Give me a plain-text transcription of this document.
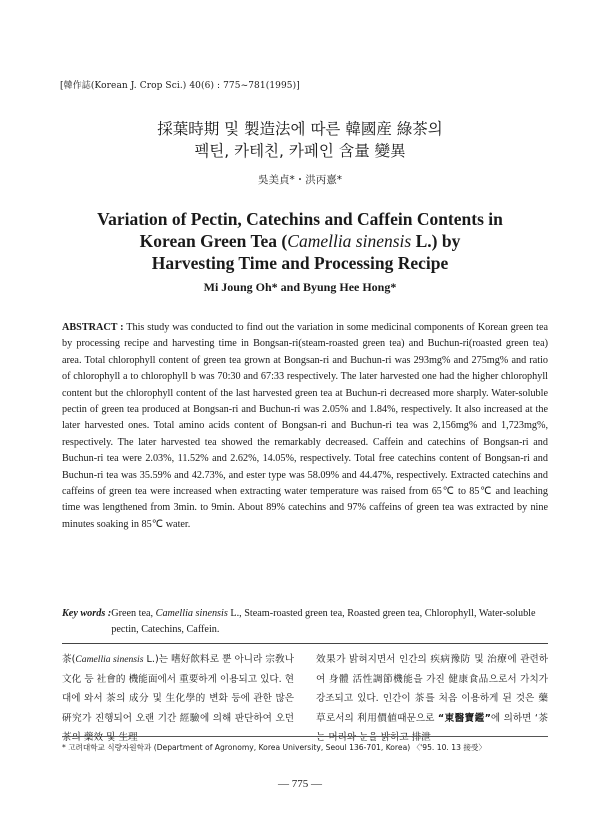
[韓作誌(Korean J. Crop Sci.) 40(6) : 775~781(1995)]
採葉時期 및 製造法에 따른 韓國産 綠茶의
펙틴, 카테친, 카페인 含量 變異
吳美貞*・洪丙憙*
Variation of Pectin, Catechins and Caffein Contents in
Korean Green Tea (Camellia sinensis L.) by
Harvesting Time and Processing Recipe
Mi Joung Oh* and Byung Hee Hong*

ABSTRACT : This study was conducted to find out the variation in some medicinal components of Korean green tea by processing recipe and harvesting time in Bongsan-ri(steam-roasted green tea) and Buchun-ri(roasted green tea) area. Total chlorophyll content of green tea grown at Bongsan-ri and Buchun-ri was 293mg% and 275mg% and ratio of chlorophyll a to chlorophyll b was 70:30 and 67:33 respectively. The later harvested one had the higher chlorophyll content but the chlorophyll content of the last harvested green tea at Buchun-ri decreased more sharply. Water-soluble pectin of green tea produced at Bongsan-ri and Buchun-ri was 2.05% and 1.84%, respectively. It also increased at the later harvested ones. Total amino acids content of Bongsan-ri and Buchun-ri tea was 2,156mg% and 1,723mg%, respectively. The later harvested tea showed the remarkably decreased. Caffein and catechins of Bongsan-ri and Buchun-ri tea were 2.03%, 11.52% and 2.62%, 14.05%, respectively. Total free catechins content of Bongsan-ri and Buchun-ri tea was 35.59% and 42.73%, and ester type was 58.09% and 44.47%, respectively. Extracted catechins and caffeins of green tea were increased when extracting water temperature was raised from 65℃ to 85℃ and leaching time was lengthened from 3min. to 9min. About 89% catechins and 97% caffeins of green tea was extracted by nine minutes soaking in 85℃ water.

Key words : Green tea, Camellia sinensis L., Steam-roasted green tea, Roasted green tea, Chlorophyll, Water-soluble pectin, Catechins, Caffein.

茶(Camellia sinensis L.)는 嗜好飮料로 뿐 아니라 宗敎나 文化 등 社會的 機能面에서 重要하게 이용되고 있다. 현대에 와서 茶의 成分 및 生化學的 변화 등에 관한 많은 硏究가 진행되어 오랜 기간 經驗에 의해 판단하여 오던 茶의 藥效 및 生理

效果가 밝혀지면서 인간의 疾病豫防 및 治療에 관련하여 身體 活性調節機能을 가진 健康食品으로서 가치가 강조되고 있다. 인간이 茶를 처음 이용하게 된 것은 藥草로서의 利用價値때문으로 “東醫寶鑑”에 의하면 ‘茶는 머리와 눈을 밝히고 排泄

* 고려대학교 식량자원학과 (Department of Agronomy, Korea University, Seoul 136-701, Korea) 〈'95. 10. 13 接受〉

— 775 —
